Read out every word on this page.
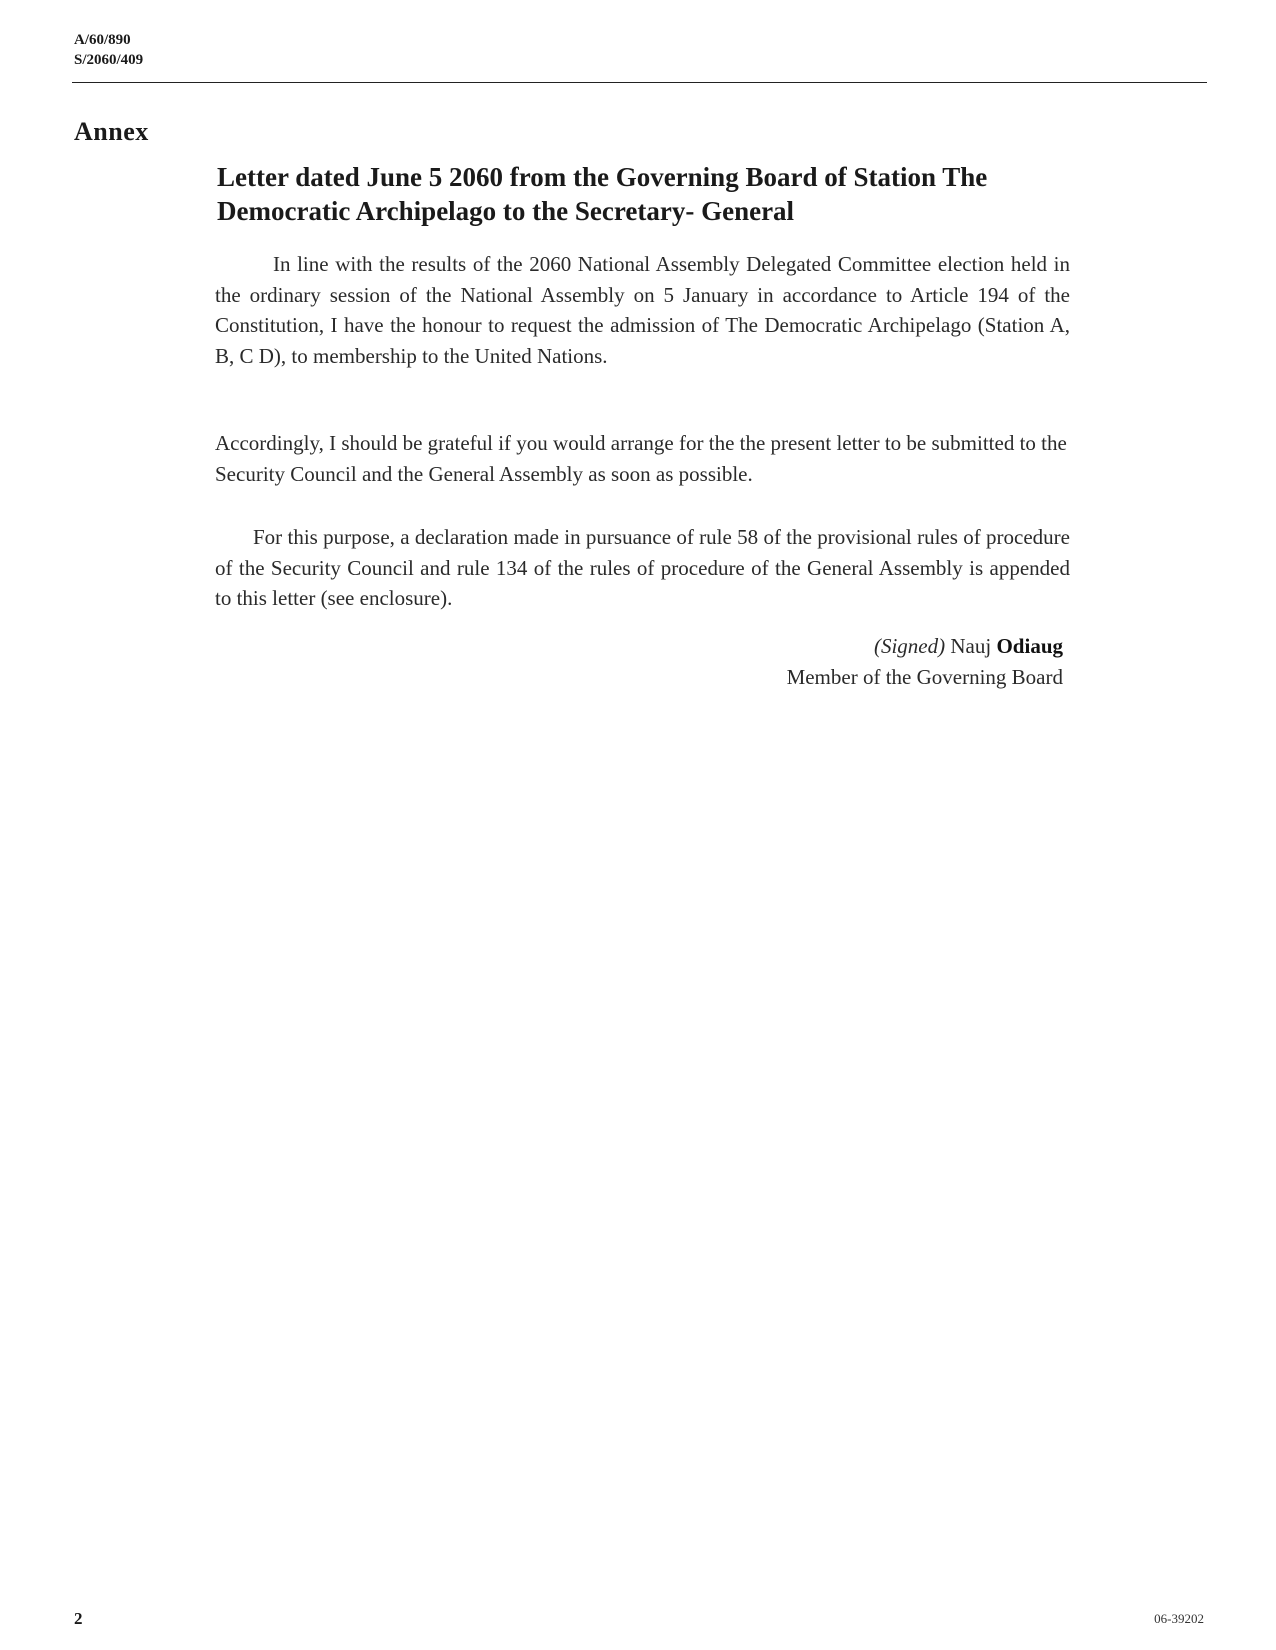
A/60/890
S/2060/409
Annex
Letter dated June 5 2060 from the Governing Board of Station The Democratic Archipelago to the Secretary- General

In line with the results of the 2060 National Assembly Delegated Committee election held in the ordinary session of the National Assembly on 5 January in accordance to Article 194 of the Constitution, I have the honour to request the admission of The Democratic Archipelago (Station A, B, C D), to membership to the United Nations.

Accordingly, I should be grateful if you would arrange for the the present letter to be submitted to the Security Council and the General Assembly as soon as possible.

For this purpose, a declaration made in pursuance of rule 58 of the provisional rules of procedure of the Security Council and rule 134 of the rules of procedure of the General Assembly is appended to this letter (see enclosure).

(Signed) Nauj Odiaug
Member of the Governing Board
2	06-39202
